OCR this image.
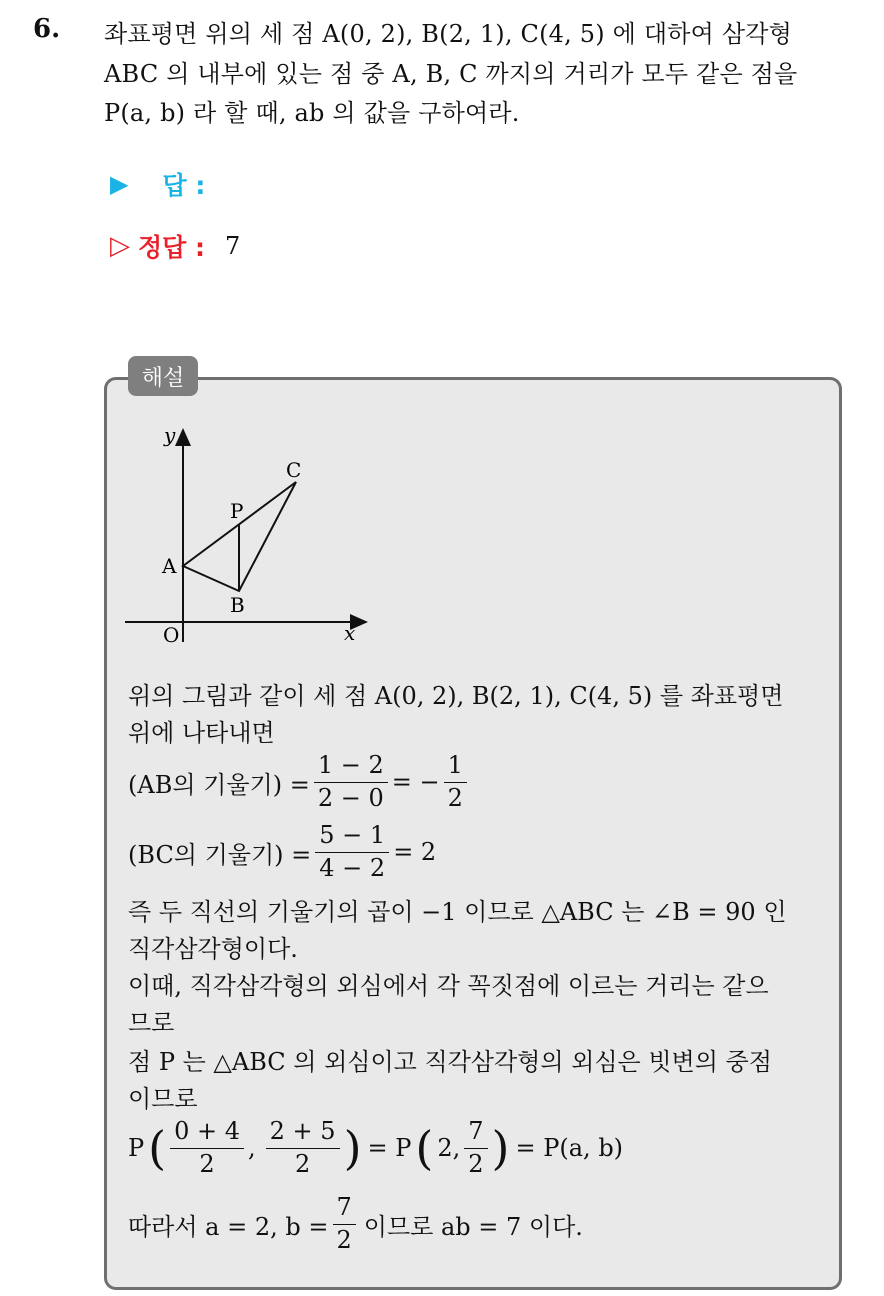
6. 좌표평면 위의 세 점 A(0, 2), B(2, 1), C(4, 5) 에 대하여 삼각형
ABC 의 내부에 있는 점 중 A, B, C 까지의 거리가 모두 같은 점을
P(a, b) 라 할 때, ab 의 값을 구하여라.
▶ 답 :
▷ 정답 : 7
해설
y
x
O
A
B
C
P
위의 그림과 같이 세 점 A(0, 2), B(2, 1), C(4, 5) 를 좌표평면
위에 나타내면
(AB의 기울기) = $\frac{1 - 2}{2 - 0}$ = − $\frac{1}{2}$
(BC의 기울기) = $\frac{5 - 1}{4 - 2} = 2$
즉 두 직선의 기울기의 곱이 −1 이므로 △ABC 는 ∠B = 90 인
직각삼각형이다.
이때, 직각삼각형의 외심에서 각 꼭짓점에 이르는 거리는 같으
므로
점 P 는 △ABC 의 외심이고 직각삼각형의 외심은 빗변의 중점
이므로
P ( $\frac{0 + 4}{2}$ , $\frac{2 + 5}{2}$ ) = P ( 2, $\frac{7}{2}$ ) = P(a, b)
따라서 a = 2, $b = \frac{7}{2}$ 이므로 ab = 7 이다.
